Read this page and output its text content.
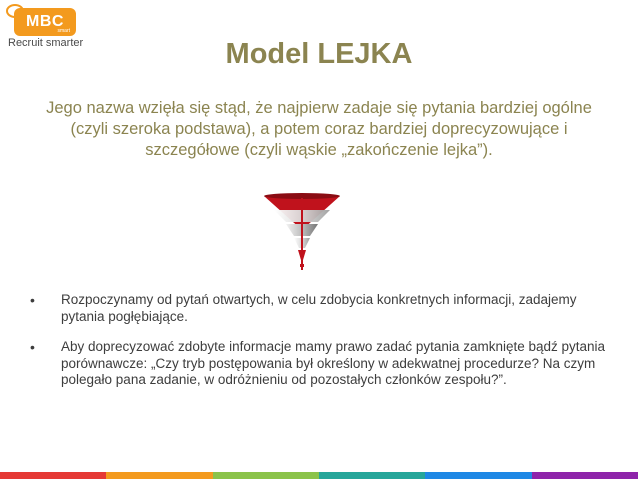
MBC
smart
Recruit smarter	Model LEJKA
Jego nazwa wzięła się stąd, że najpierw zadaje się pytania bardziej ogólne (czyli szeroka podstawa), a potem coraz bardziej doprecyzowujące i szczegółowe (czyli wąskie „zakończenie lejka”).
• Rozpoczynamy od pytań otwartych, w celu zdobycia konkretnych informacji, zadajemy pytania pogłębiające.
• Aby doprecyzować zdobyte informacje mamy prawo zadać pytania zamknięte bądź pytania porównawcze: „Czy tryb postępowania był określony w adekwatnej procedurze? Na czym polegało pana zadanie, w odróżnieniu od pozostałych członków zespołu?”.
